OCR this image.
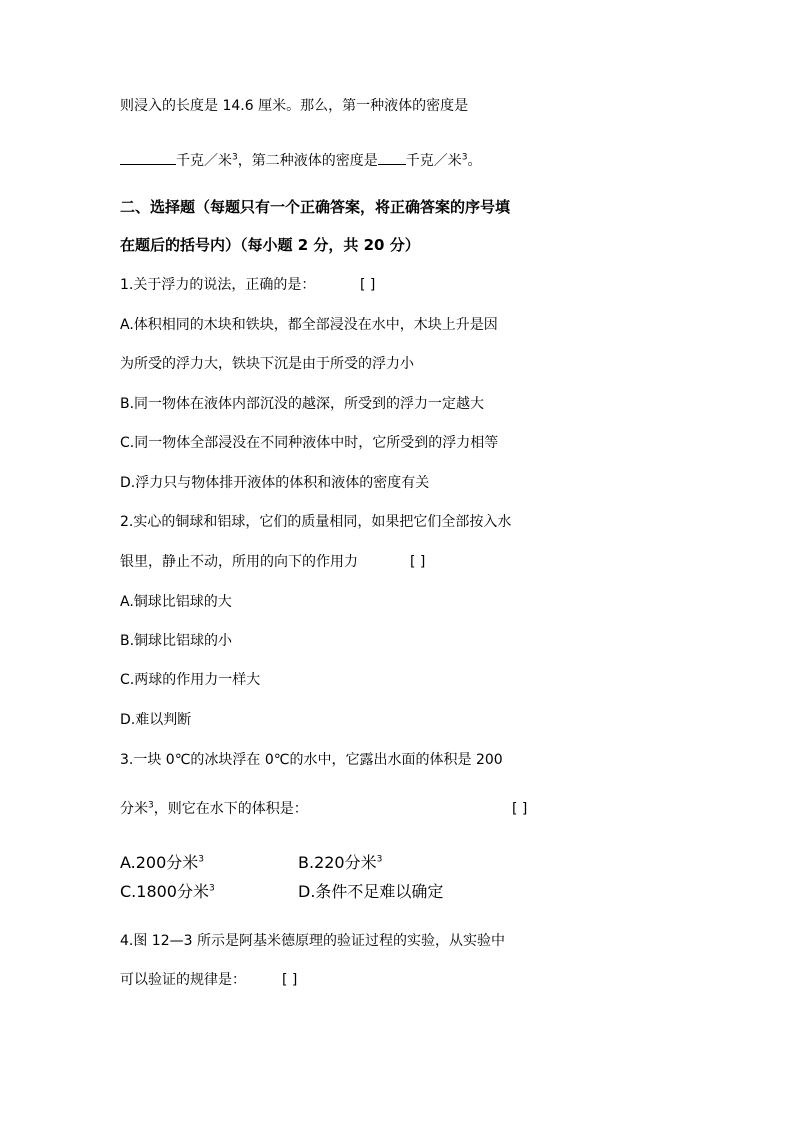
则浸入的长度是 14.6 厘米。那么，第一种液体的密度是
千克／米$^3$，第二种液体的密度是 千克／米$^3$。
二、选择题（每题只有一个正确答案，将正确答案的序号填
在题后的括号内）（每小题 2 分，共 20 分）
1.关于浮力的说法，正确的是：	[ ]
A.体积相同的木块和铁块，都全部浸没在水中，木块上升是因
为所受的浮力大，铁块下沉是由于所受的浮力小
B.同一物体在液体内部沉没的越深，所受到的浮力一定越大
C.同一物体全部浸没在不同种液体中时，它所受到的浮力相等
D.浮力只与物体排开液体的体积和液体的密度有关
2.实心的铜球和铝球，它们的质量相同，如果把它们全部按入水
银里，静止不动，所用的向下的作用力	[ ]
A.铜球比铝球的大
B.铜球比铝球的小
C.两球的作用力一样大
D.难以判断
3.一块 0℃的冰块浮在 0℃的水中，它露出水面的体积是 200
分米$^3$，则它在水下的体积是：	[ ]
A.200分米$^3$	B.220分米$^3$
C.1800分米$^3$	D.条件不足难以确定
4.图 12—3 所示是阿基米德原理的验证过程的实验，从实验中
可以验证的规律是：	[ ]
